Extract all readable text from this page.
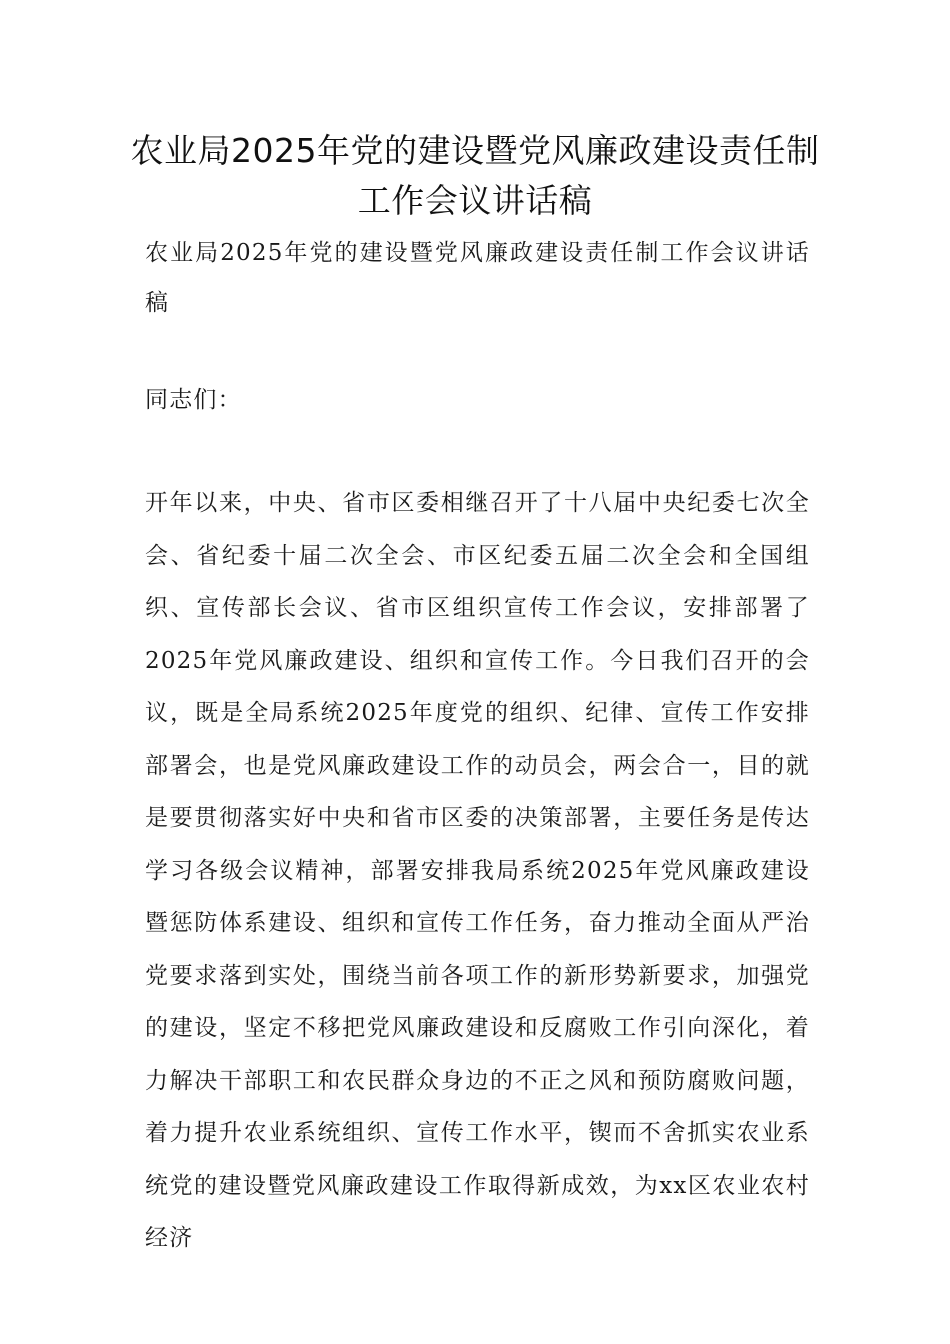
农业局2025年党的建设暨党风廉政建设责任制工作会议讲话稿

农业局2025年党的建设暨党风廉政建设责任制工作会议讲话稿

同志们：

开年以来，中央、省市区委相继召开了十八届中央纪委七次全会、省纪委十届二次全会、市区纪委五届二次全会和全国组织、宣传部长会议、省市区组织宣传工作会议，安排部署了2025年党风廉政建设、组织和宣传工作。今日我们召开的会议，既是全局系统2025年度党的组织、纪律、宣传工作安排部署会，也是党风廉政建设工作的动员会，两会合一，目的就是要贯彻落实好中央和省市区委的决策部署，主要任务是传达学习各级会议精神，部署安排我局系统2025年党风廉政建设暨惩防体系建设、组织和宣传工作任务，奋力推动全面从严治党要求落到实处，围绕当前各项工作的新形势新要求，加强党的建设，坚定不移把党风廉政建设和反腐败工作引向深化，着力解决干部职工和农民群众身边的不正之风和预防腐败问题，着力提升农业系统组织、宣传工作水平，锲而不舍抓实农业系统党的建设暨党风廉政建设工作取得新成效，为xx区农业农村经济
